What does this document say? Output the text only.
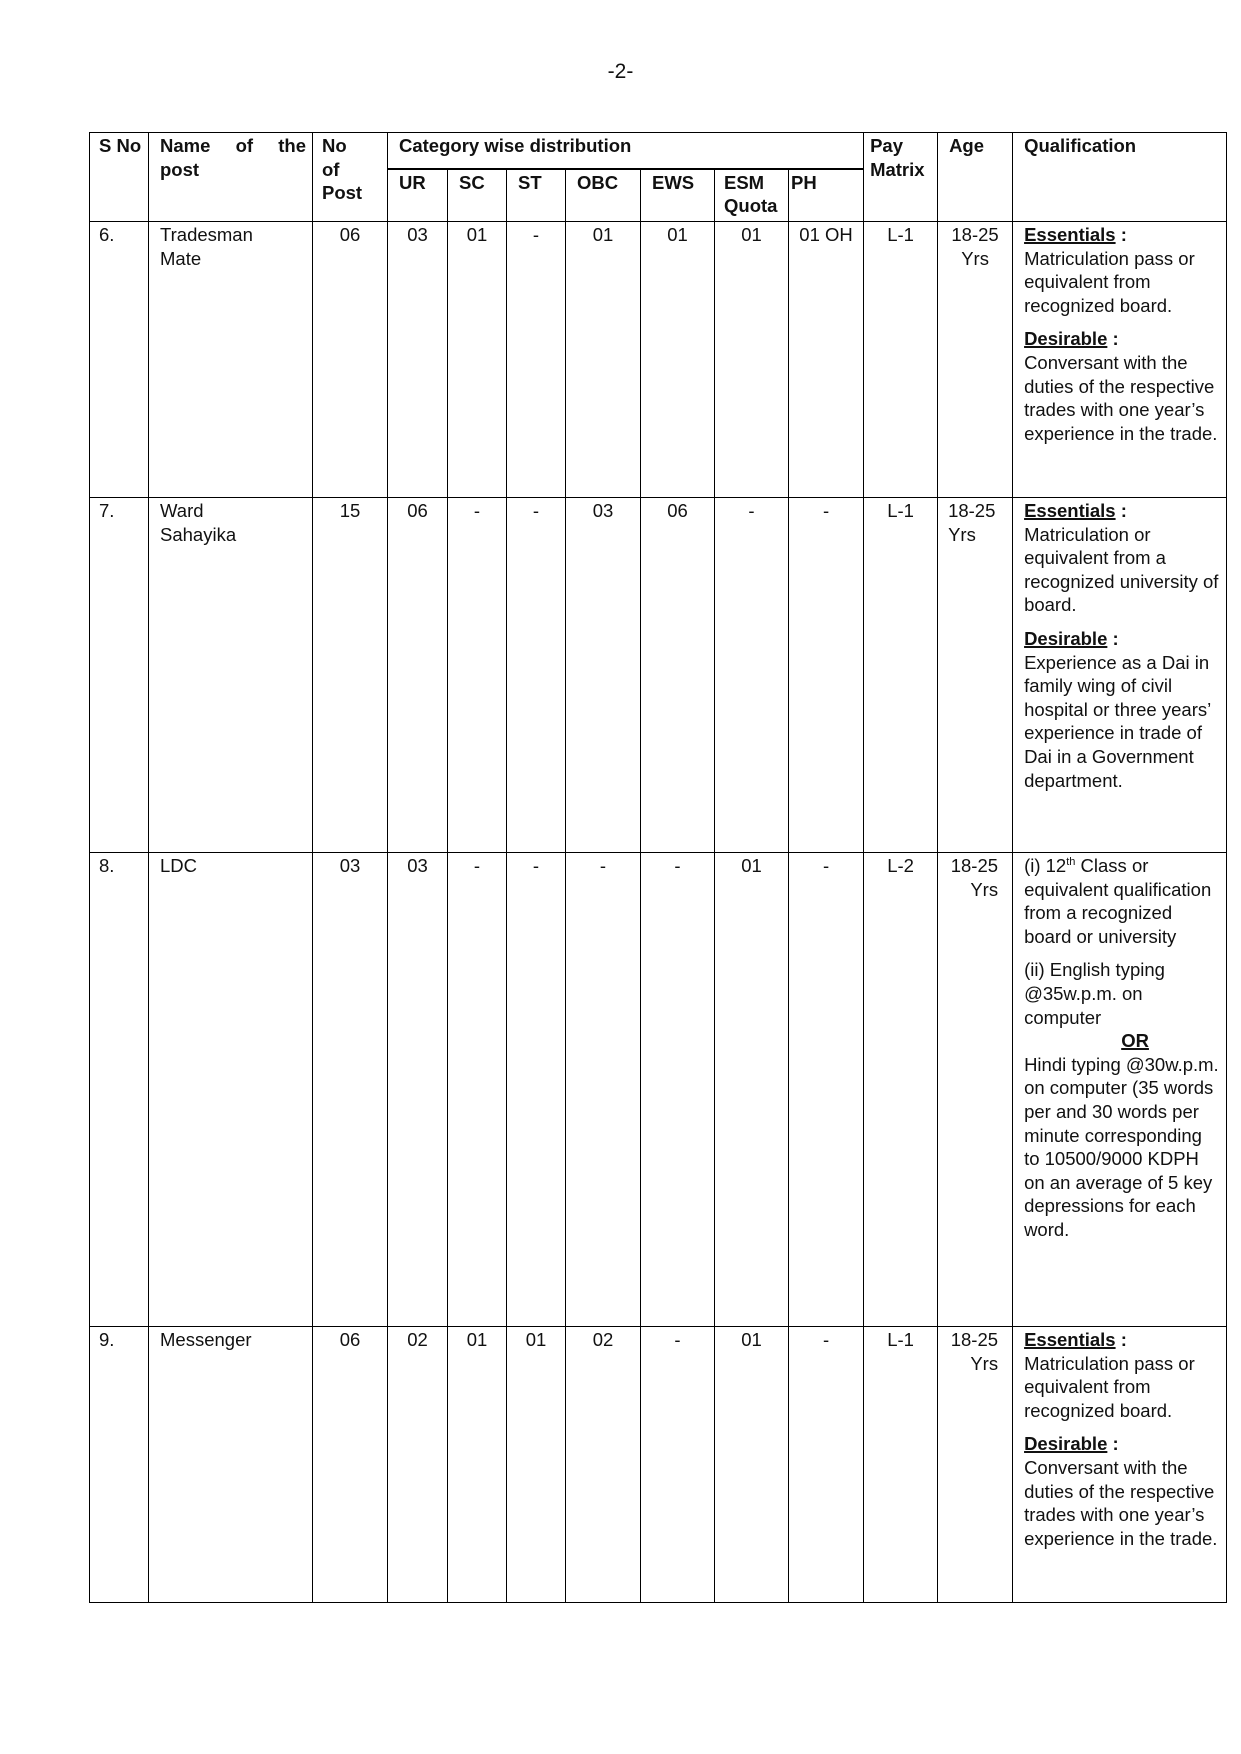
-2-
S No	Name of the post	No of Post	Category wise distribution							Pay Matrix	Age	Qualification
			UR	SC	ST	OBC	EWS	ESM Quota	PH			
6.	Tradesman Mate	06	03	01	-	01	01	01	01 OH	L-1	18-25 Yrs	Essentials :
Matriculation pass or equivalent from recognized board.

Desirable :
Conversant with the duties of the respective trades with one year’s experience in the trade.

7.	Ward Sahayika	15	06	-	-	03	06	-	-	L-1	18-25 Yrs	Essentials :
Matriculation or equivalent from a recognized university of board.

Desirable :
Experience as a Dai in family wing of civil hospital or three years’ experience in trade of Dai in a Government department.

8.	LDC	03	03	-	-	-	-	01	-	L-2	18-25 Yrs	(i) 12th Class or equivalent qualification from a recognized board or university

(ii) English typing @35w.p.m. on computer

OR

Hindi typing @30w.p.m. on computer (35 words per and 30 words per minute corresponding to 10500/9000 KDPH on an average of 5 key depressions for each word.

9.	Messenger	06	02	01	01	02	-	01	-	L-1	18-25 Yrs	Essentials :
Matriculation pass or equivalent from recognized board.

Desirable :
Conversant with the duties of the respective trades with one year’s experience in the trade.
